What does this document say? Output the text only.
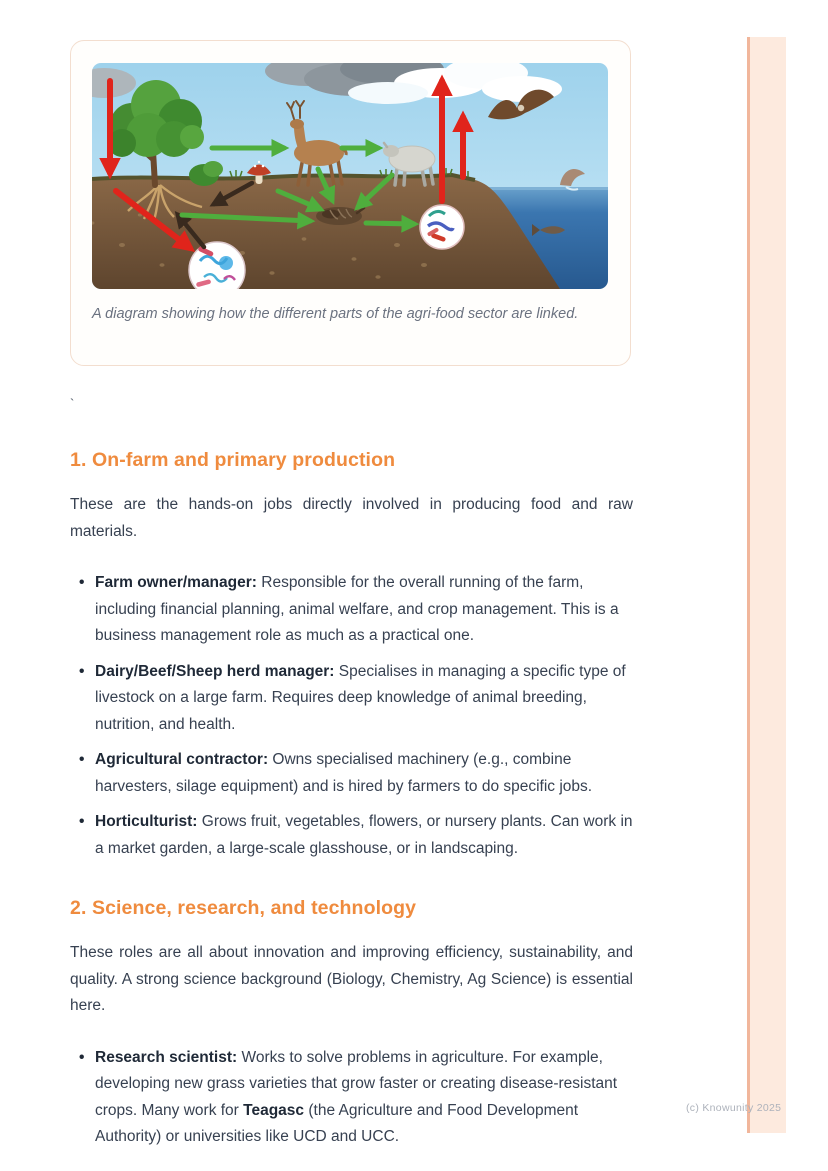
(c) Knowunity 2025
A diagram showing how the different parts of the agri-food sector are linked.
`
1. On-farm and primary production

These are the hands-on jobs directly involved in producing food and raw materials.

• Farm owner/manager: Responsible for the overall running of the farm, including financial planning, animal welfare, and crop management. This is a business management role as much as a practical one.
• Dairy/Beef/Sheep herd manager: Specialises in managing a specific type of livestock on a large farm. Requires deep knowledge of animal breeding, nutrition, and health.
• Agricultural contractor: Owns specialised machinery (e.g., combine harvesters, silage equipment) and is hired by farmers to do specific jobs.
• Horticulturist: Grows fruit, vegetables, flowers, or nursery plants. Can work in a market garden, a large-scale glasshouse, or in landscaping.
2. Science, research, and technology

These roles are all about innovation and improving efficiency, sustainability, and quality. A strong science background (Biology, Chemistry, Ag Science) is essential here.

• Research scientist: Works to solve problems in agriculture. For example, developing new grass varieties that grow faster or creating disease-resistant crops. Many work for Teagasc (the Agriculture and Food Development Authority) or universities like UCD and UCC.
